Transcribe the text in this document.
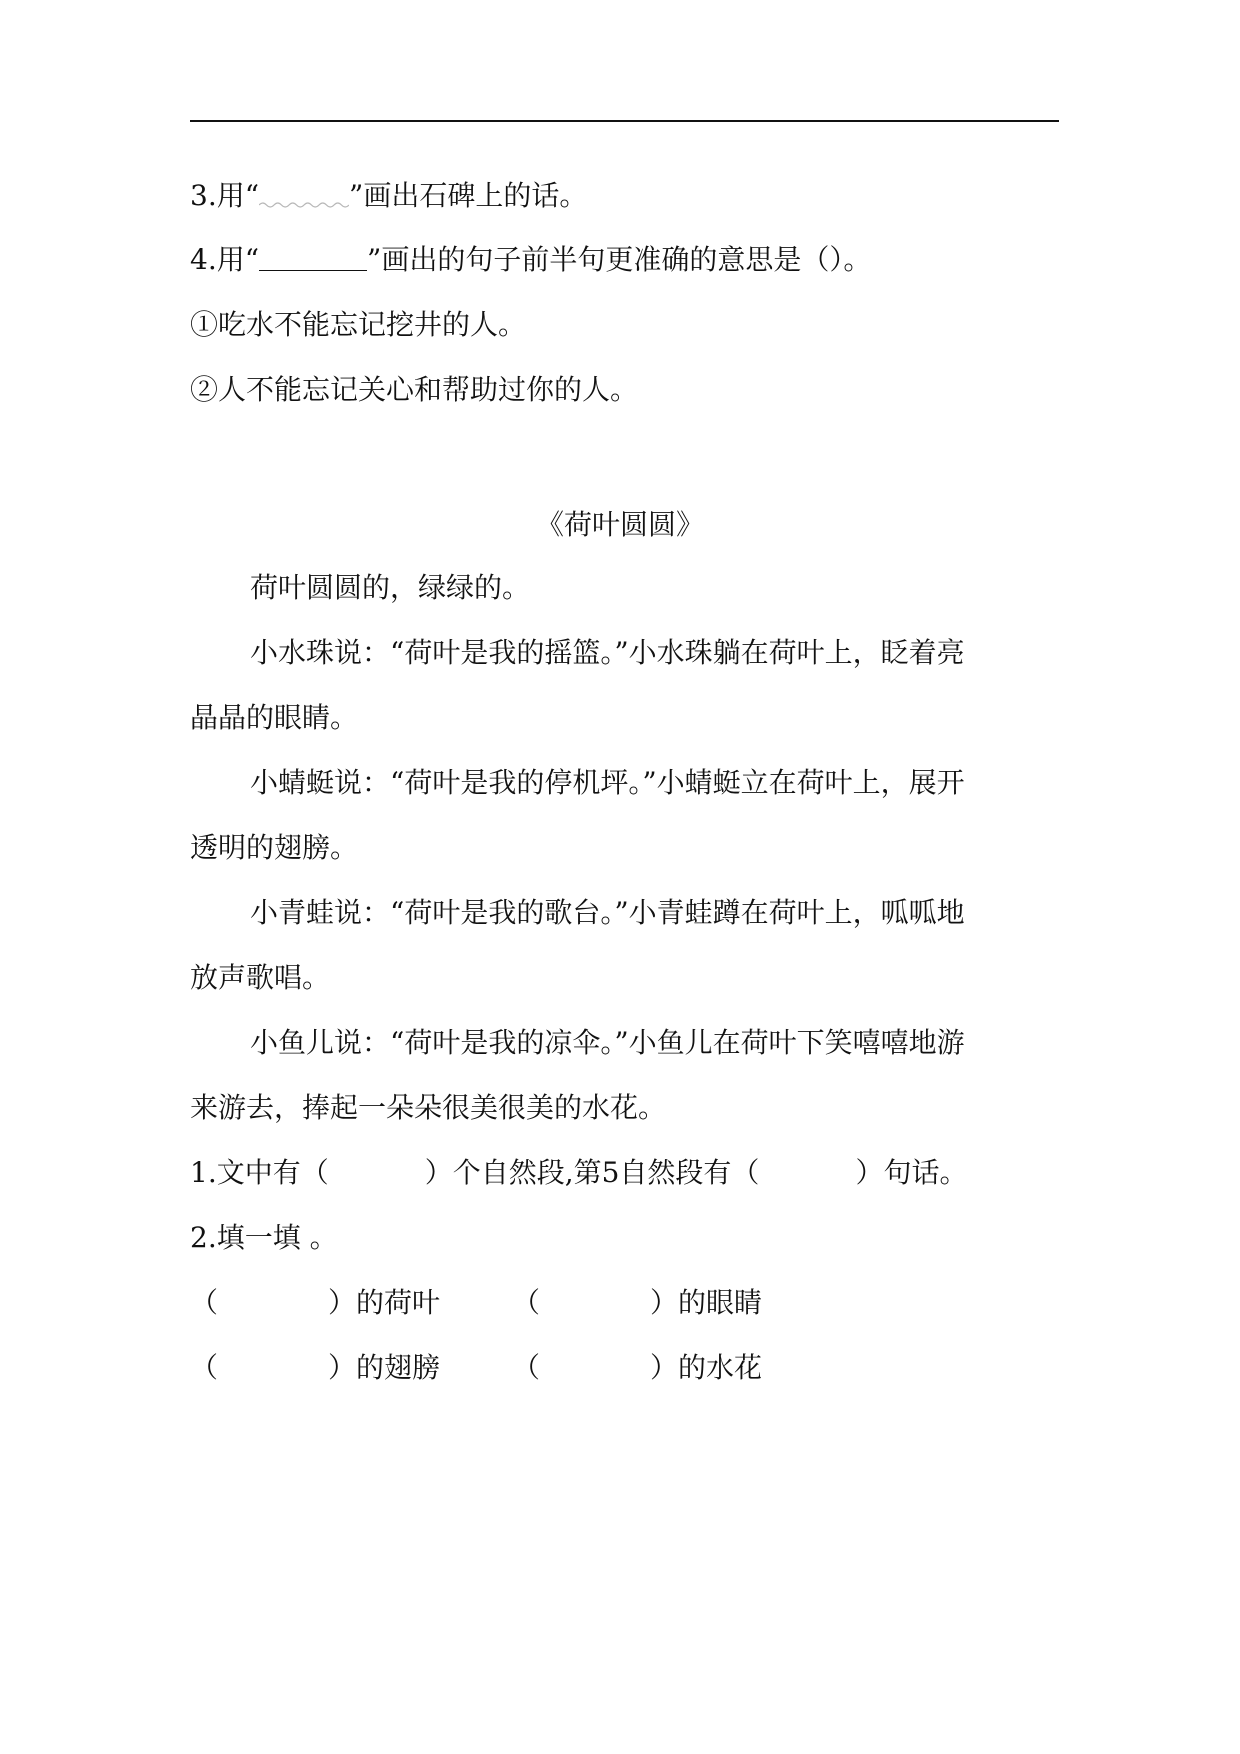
3.用“	”画出石碑上的话。
4.用“	”画出的句子前半句更准确的意思是（）。
①吃水不能忘记挖井的人。
②人不能忘记关心和帮助过你的人。
《荷叶圆圆》
荷叶圆圆的，绿绿的。
小水珠说：“荷叶是我的摇篮。”小水珠躺在荷叶上，眨着亮
晶晶的眼睛。
小蜻蜓说：“荷叶是我的停机坪。”小蜻蜓立在荷叶上，展开
透明的翅膀。
小青蛙说：“荷叶是我的歌台。”小青蛙蹲在荷叶上，呱呱地
放声歌唱。
小鱼儿说：“荷叶是我的凉伞。”小鱼儿在荷叶下笑嘻嘻地游
来游去，捧起一朵朵很美很美的水花。
1.文中有（	）个自然段,第5自然段有（	）句话。
2.填一填 。
（	）的荷叶	（	）的眼睛
（	）的翅膀	（	）的水花
